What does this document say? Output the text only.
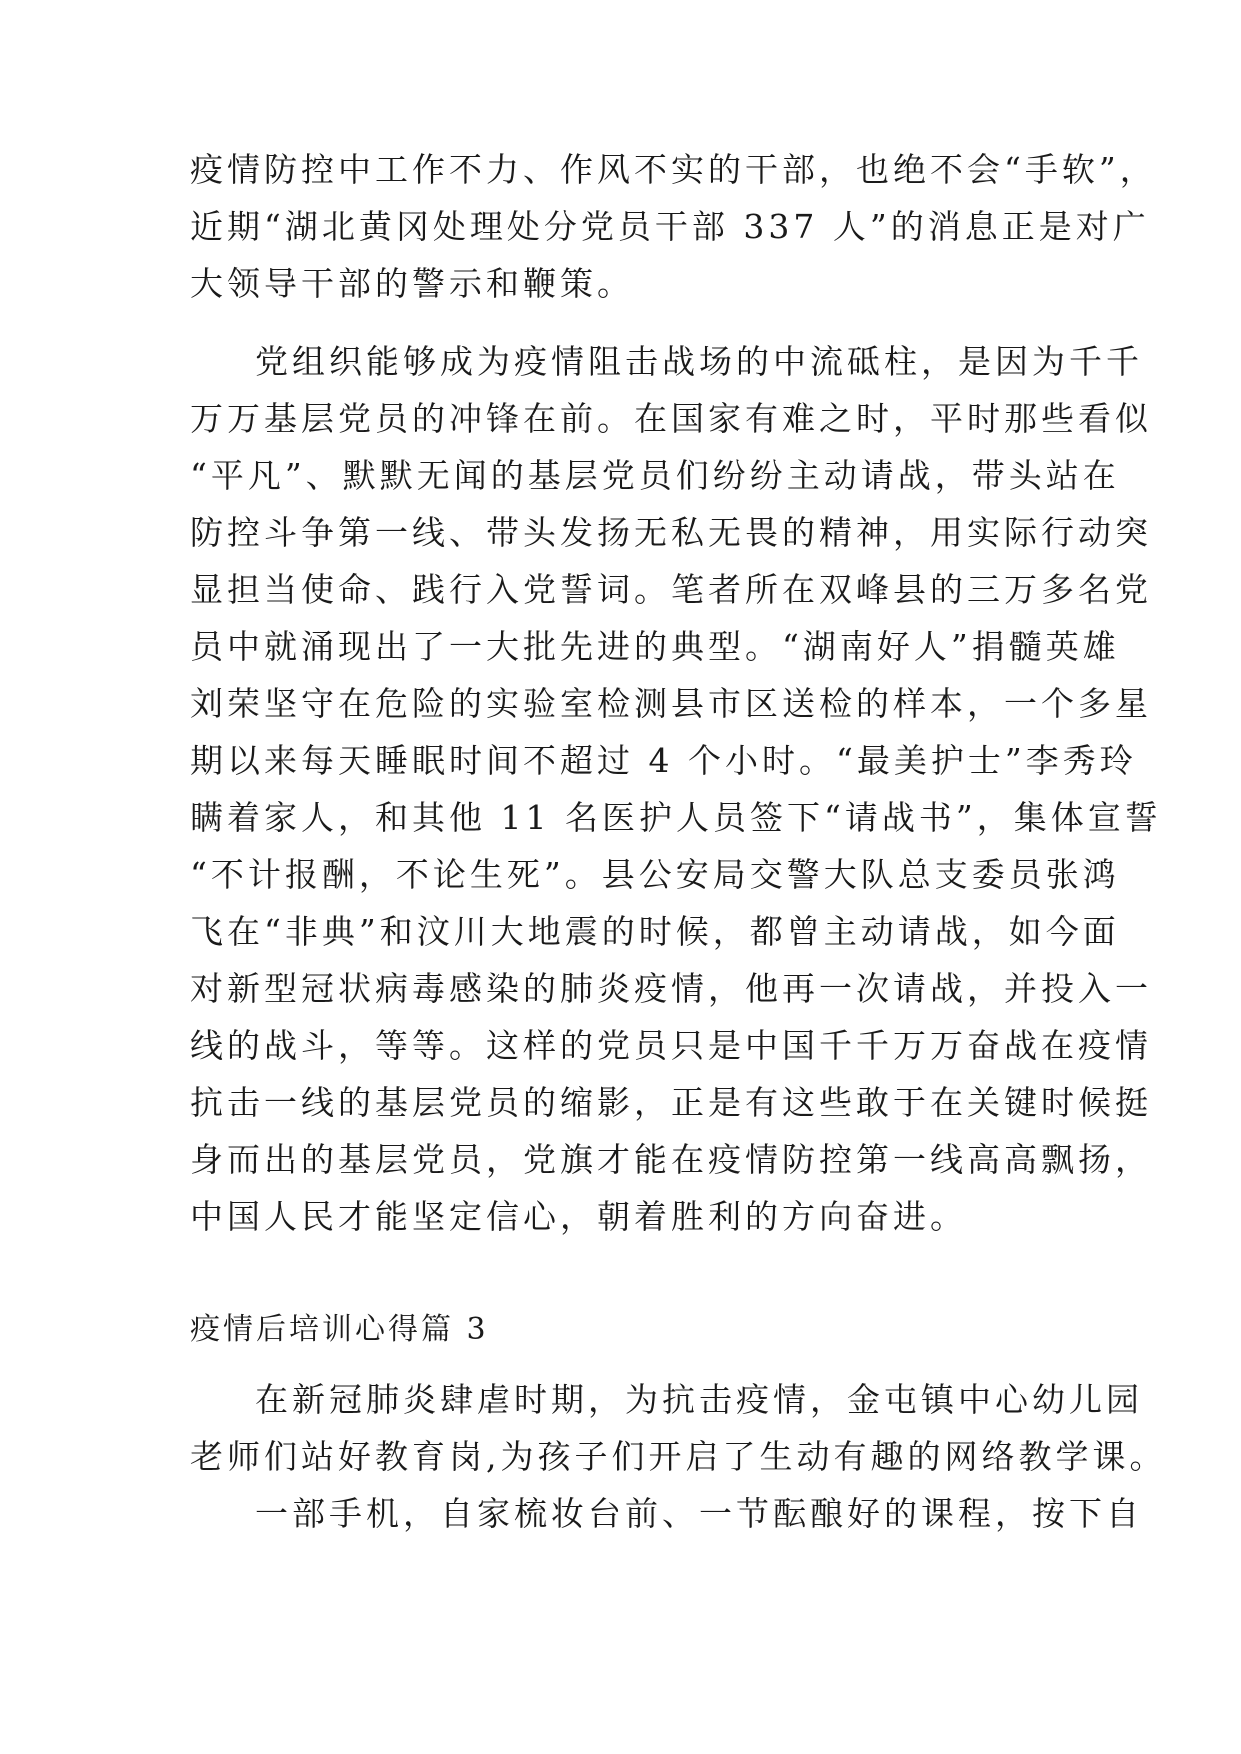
疫情防控中工作不力、作风不实的干部，也绝不会“手软”，

近期“湖北黄冈处理处分党员干部 337 人”的消息正是对广

大领导干部的警示和鞭策。

党组织能够成为疫情阻击战场的中流砥柱，是因为千千

万万基层党员的冲锋在前。在国家有难之时，平时那些看似

“平凡”、默默无闻的基层党员们纷纷主动请战，带头站在

防控斗争第一线、带头发扬无私无畏的精神，用实际行动突

显担当使命、践行入党誓词。笔者所在双峰县的三万多名党

员中就涌现出了一大批先进的典型。“湖南好人”捐髓英雄

刘荣坚守在危险的实验室检测县市区送检的样本，一个多星

期以来每天睡眠时间不超过 4 个小时。“最美护士”李秀玲

瞒着家人，和其他 11 名医护人员签下“请战书”，集体宣誓

“不计报酬，不论生死”。县公安局交警大队总支委员张鸿

飞在“非典”和汶川大地震的时候，都曾主动请战，如今面

对新型冠状病毒感染的肺炎疫情，他再一次请战，并投入一

线的战斗，等等。这样的党员只是中国千千万万奋战在疫情

抗击一线的基层党员的缩影，正是有这些敢于在关键时候挺

身而出的基层党员，党旗才能在疫情防控第一线高高飘扬，

中国人民才能坚定信心，朝着胜利的方向奋进。

疫情后培训心得篇 3

在新冠肺炎肆虐时期，为抗击疫情，金屯镇中心幼儿园

老师们站好教育岗,为孩子们开启了生动有趣的网络教学课。

一部手机，自家梳妆台前、一节酝酿好的课程，按下自
